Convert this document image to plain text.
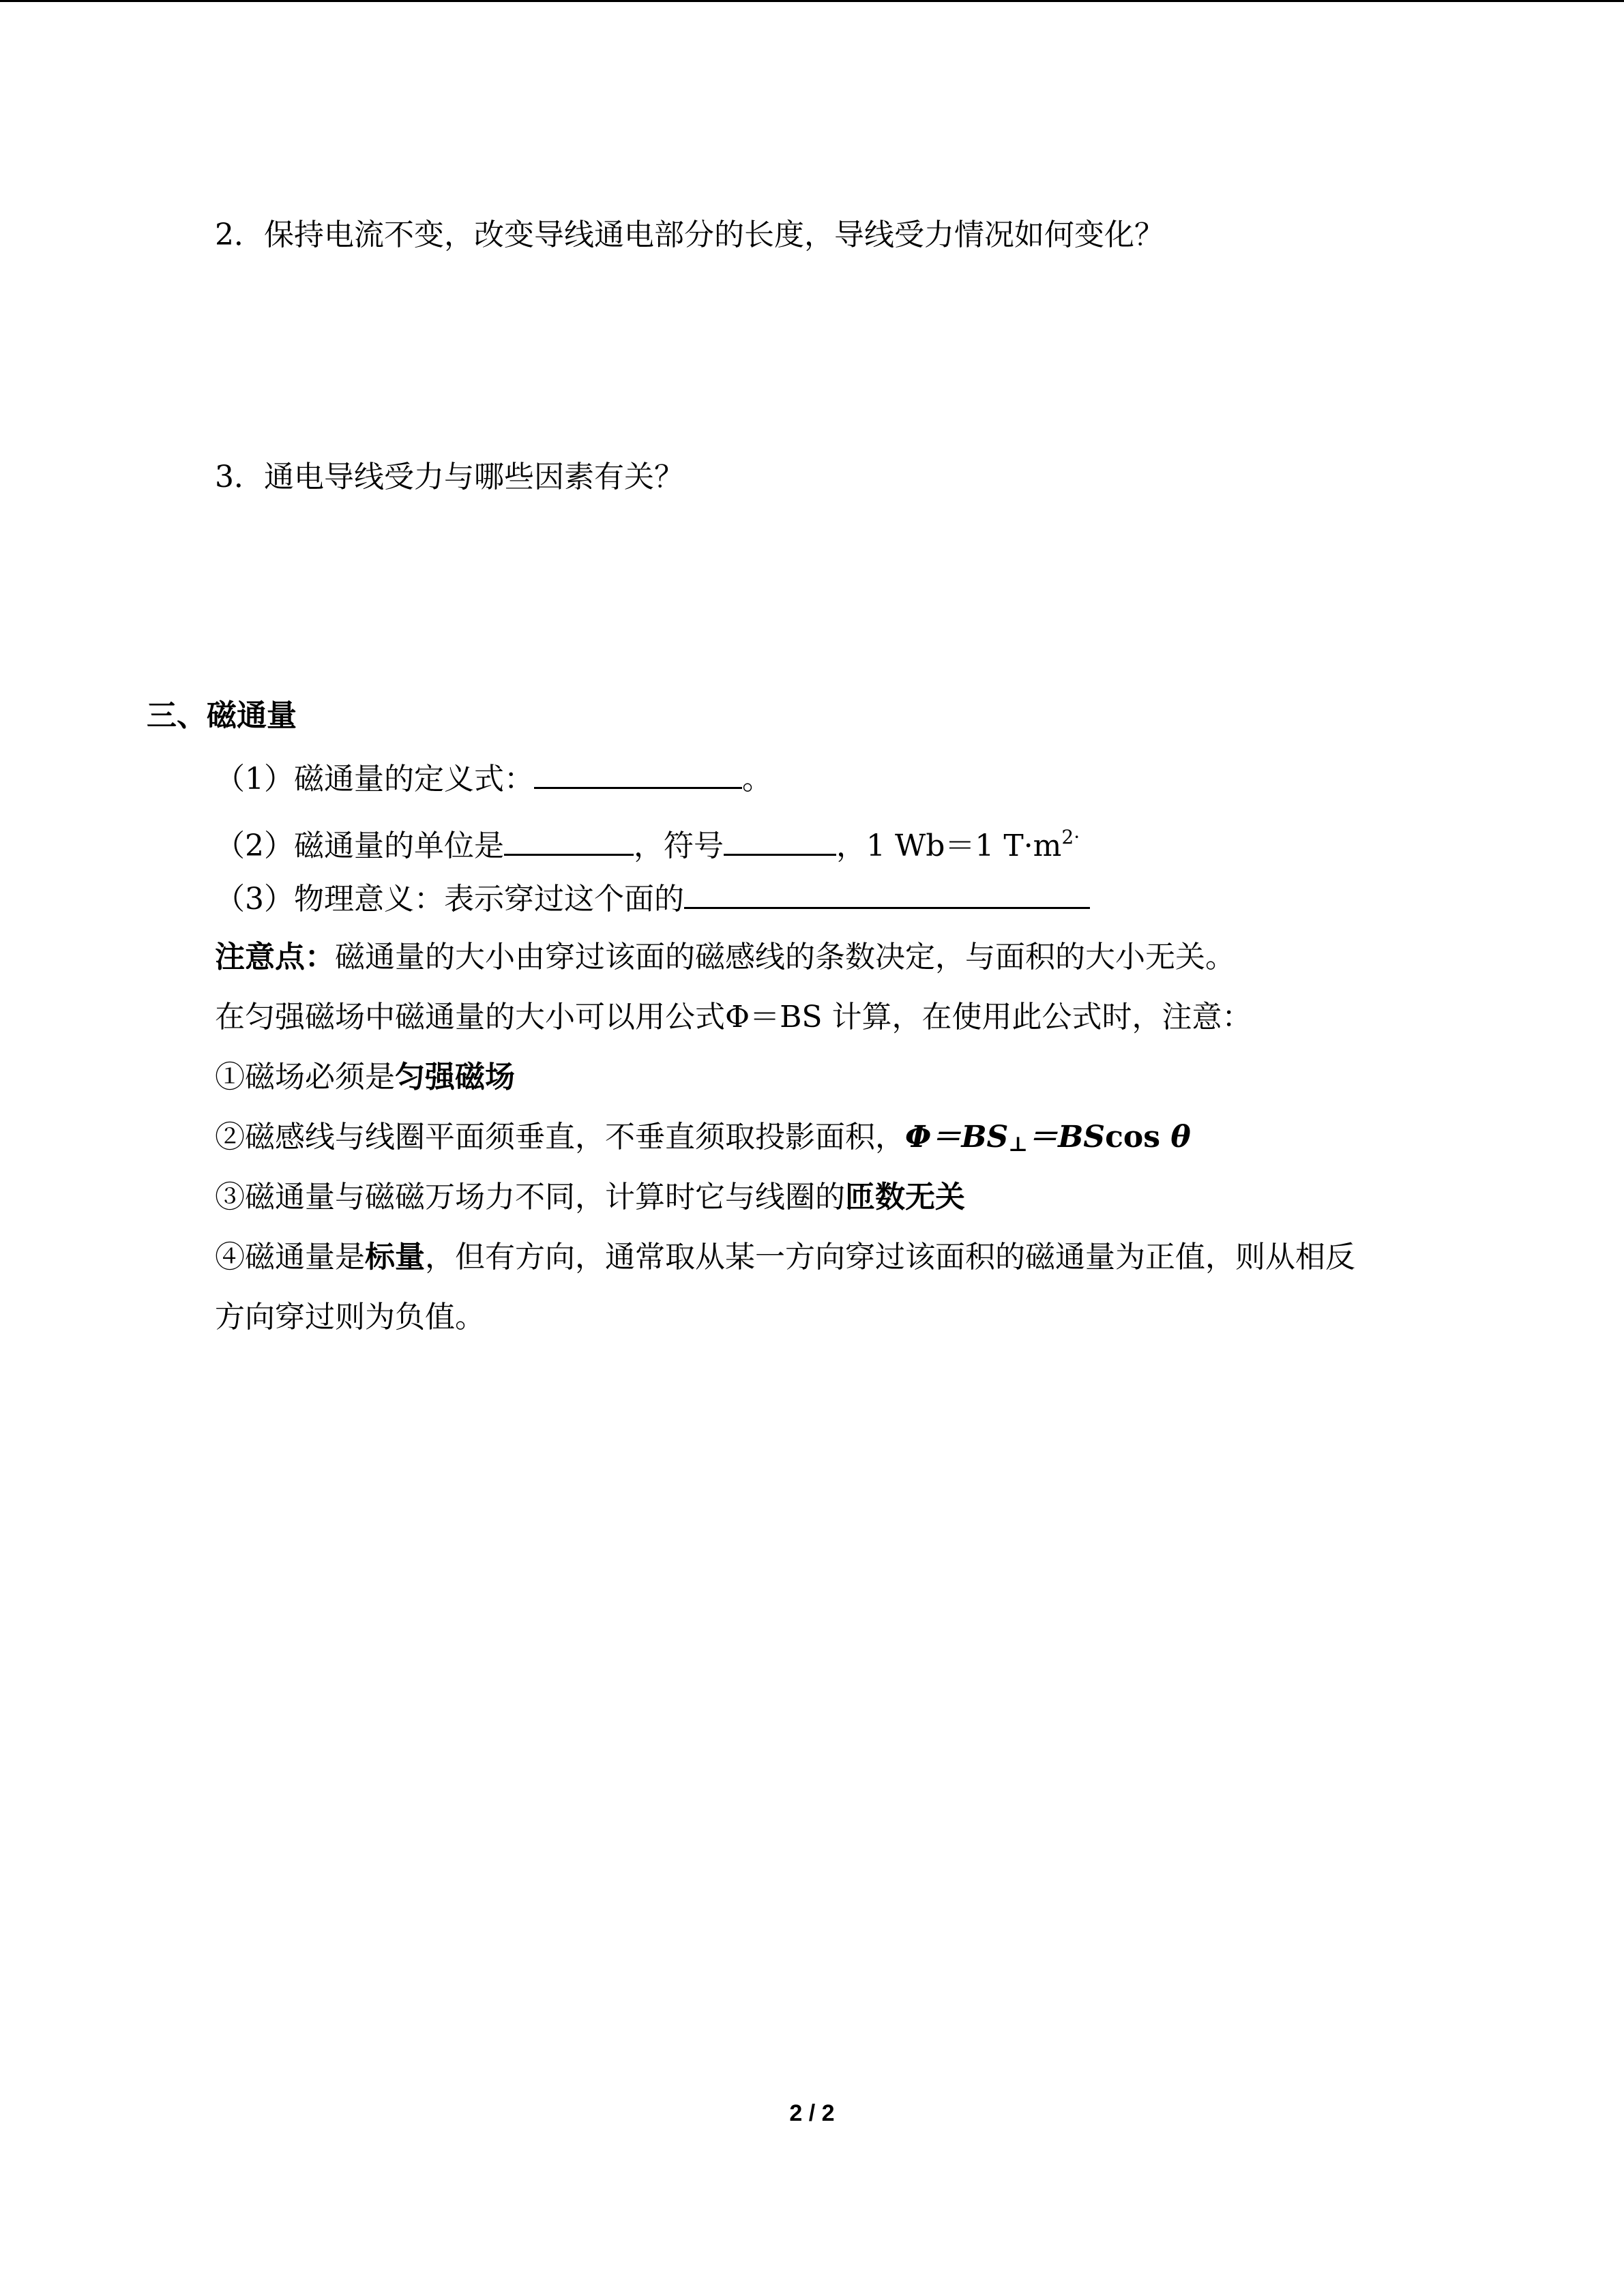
2．保持电流不变，改变导线通电部分的长度，导线受力情况如何变化？
3．通电导线受力与哪些因素有关？
三、磁通量
（1）磁通量的定义式：	。
（2）磁通量的单位是	，符号	，1 Wb＝1 $T\cdot m^{2\cdot}$
（3）物理意义：表示穿过这个面的
注意点：磁通量的大小由穿过该面的磁感线的条数决定，与面积的大小无关。
在匀强磁场中磁通量的大小可以用公式Φ＝BS 计算，在使用此公式时，注意：
①磁场必须是匀强磁场
②磁感线与线圈平面须垂直，不垂直须取投影面积，$\Phi=BS_\perp=BScos$ θ
③磁通量与磁磁万场力不同，计算时它与线圈的匝数无关
④磁通量是标量，但有方向，通常取从某一方向穿过该面积的磁通量为正值，则从相反
方向穿过则为负值。
2 / 2
